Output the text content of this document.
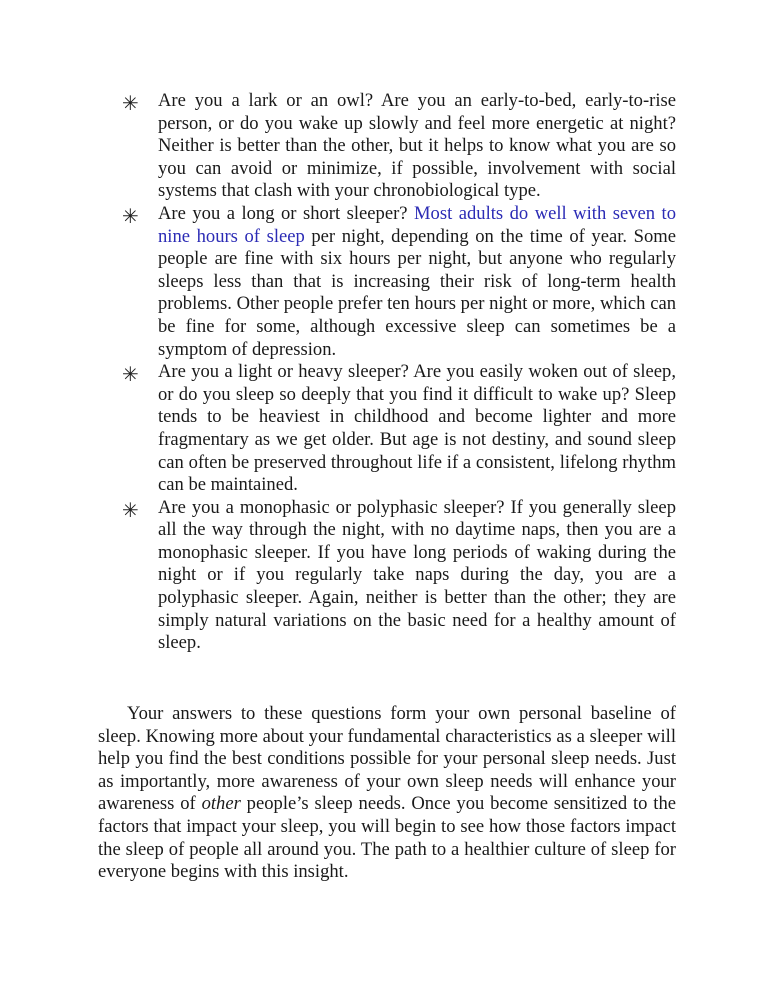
✳ Are you a lark or an owl? Are you an early-to-bed, early-to-rise person, or do you wake up slowly and feel more energetic at night? Neither is better than the other, but it helps to know what you are so you can avoid or minimize, if possible, involvement with social systems that clash with your chronobiological type.
✳ Are you a long or short sleeper? Most adults do well with seven to nine hours of sleep per night, depending on the time of year. Some people are fine with six hours per night, but anyone who regularly sleeps less than that is increasing their risk of long-term health problems. Other people prefer ten hours per night or more, which can be fine for some, although excessive sleep can sometimes be a symptom of depression.
✳ Are you a light or heavy sleeper? Are you easily woken out of sleep, or do you sleep so deeply that you find it difficult to wake up? Sleep tends to be heaviest in childhood and become lighter and more fragmentary as we get older. But age is not destiny, and sound sleep can often be preserved throughout life if a consistent, lifelong rhythm can be maintained.
✳ Are you a monophasic or polyphasic sleeper? If you generally sleep all the way through the night, with no daytime naps, then you are a monophasic sleeper. If you have long periods of waking during the night or if you regularly take naps during the day, you are a polyphasic sleeper. Again, neither is better than the other; they are simply natural variations on the basic need for a healthy amount of sleep.

Your answers to these questions form your own personal baseline of sleep. Knowing more about your fundamental characteristics as a sleeper will help you find the best conditions possible for your personal sleep needs. Just as importantly, more awareness of your own sleep needs will enhance your awareness of other people’s sleep needs. Once you become sensitized to the factors that impact your sleep, you will begin to see how those factors impact the sleep of people all around you. The path to a healthier culture of sleep for everyone begins with this insight.
